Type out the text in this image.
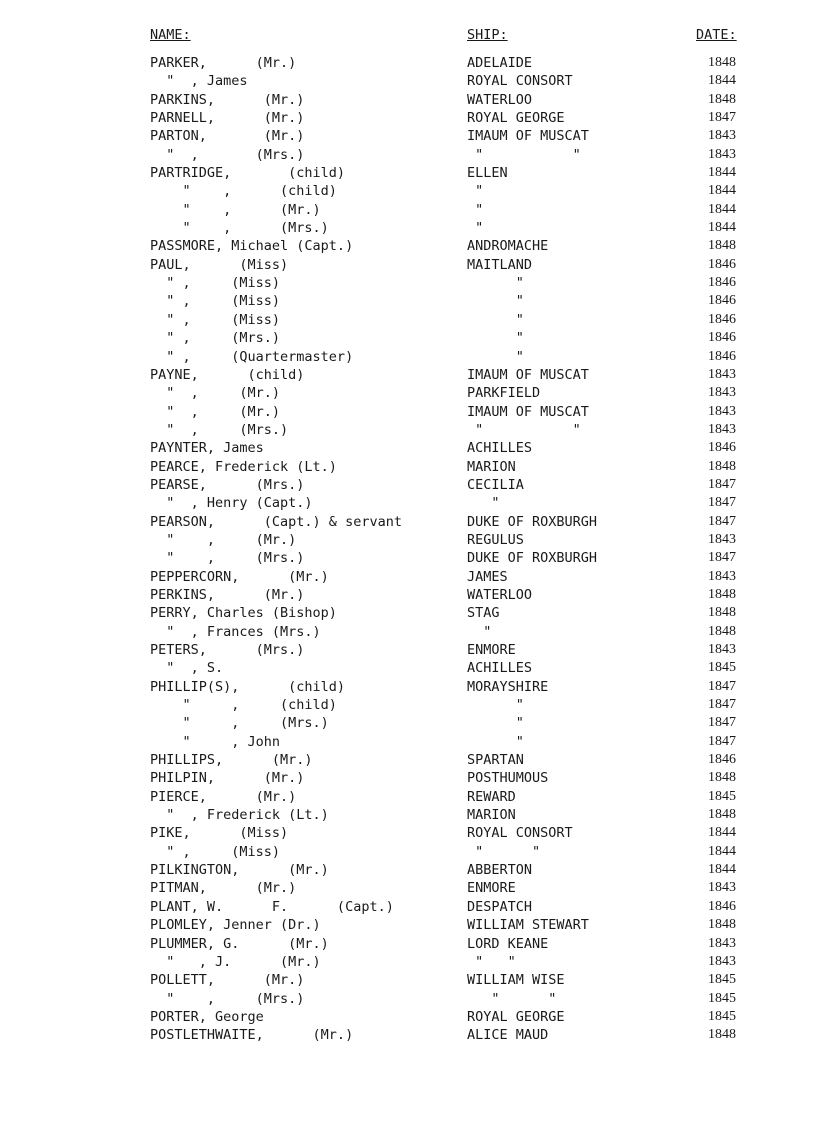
NAME:	SHIP:	DATE:
PARKER,      (Mr.)	ADELAIDE	1848
"  , James	ROYAL CONSORT	1844
PARKINS,      (Mr.)	WATERLOO	1848
PARNELL,      (Mr.)	ROYAL GEORGE	1847
PARTON,       (Mr.)	IMAUM OF MUSCAT	1843
"  ,       (Mrs.)	"           "	1843
PARTRIDGE,       (child)	ELLEN	1844
"    ,      (child)	"	1844
"    ,      (Mr.)	"	1844
"    ,      (Mrs.)	"	1844
PASSMORE, Michael (Capt.)	ANDROMACHE	1848
PAUL,      (Miss)	MAITLAND	1846
" ,     (Miss)	"	1846
" ,     (Miss)	"	1846
" ,     (Miss)	"	1846
" ,     (Mrs.)	"	1846
" ,     (Quartermaster)	"	1846
PAYNE,      (child)	IMAUM OF MUSCAT	1843
"  ,     (Mr.)	PARKFIELD	1843
"  ,     (Mr.)	IMAUM OF MUSCAT	1843
"  ,     (Mrs.)	"           "	1843
PAYNTER, James	ACHILLES	1846
PEARCE, Frederick (Lt.)	MARION	1848
PEARSE,      (Mrs.)	CECILIA	1847
"  , Henry (Capt.)	"	1847
PEARSON,      (Capt.) & servant	DUKE OF ROXBURGH	1847
"    ,     (Mr.)	REGULUS	1843
"    ,     (Mrs.)	DUKE OF ROXBURGH	1847
PEPPERCORN,      (Mr.)	JAMES	1843
PERKINS,      (Mr.)	WATERLOO	1848
PERRY, Charles (Bishop)	STAG	1848
"  , Frances (Mrs.)	"	1848
PETERS,      (Mrs.)	ENMORE	1843
"  , S.	ACHILLES	1845
PHILLIP(S),      (child)	MORAYSHIRE	1847
"     ,     (child)	"	1847
"     ,     (Mrs.)	"	1847
"     , John	"	1847
PHILLIPS,      (Mr.)	SPARTAN	1846
PHILPIN,      (Mr.)	POSTHUMOUS	1848
PIERCE,      (Mr.)	REWARD	1845
"  , Frederick (Lt.)	MARION	1848
PIKE,      (Miss)	ROYAL CONSORT	1844
" ,     (Miss)	"      "	1844
PILKINGTON,      (Mr.)	ABBERTON	1844
PITMAN,      (Mr.)	ENMORE	1843
PLANT, W.      F.      (Capt.)	DESPATCH	1846
PLOMLEY, Jenner (Dr.)	WILLIAM STEWART	1848
PLUMMER, G.      (Mr.)	LORD KEANE	1843
"   , J.      (Mr.)	"   "	1843
POLLETT,      (Mr.)	WILLIAM WISE	1845
"    ,     (Mrs.)	"      "	1845
PORTER, George	ROYAL GEORGE	1845
POSTLETHWAITE,      (Mr.)	ALICE MAUD	1848
